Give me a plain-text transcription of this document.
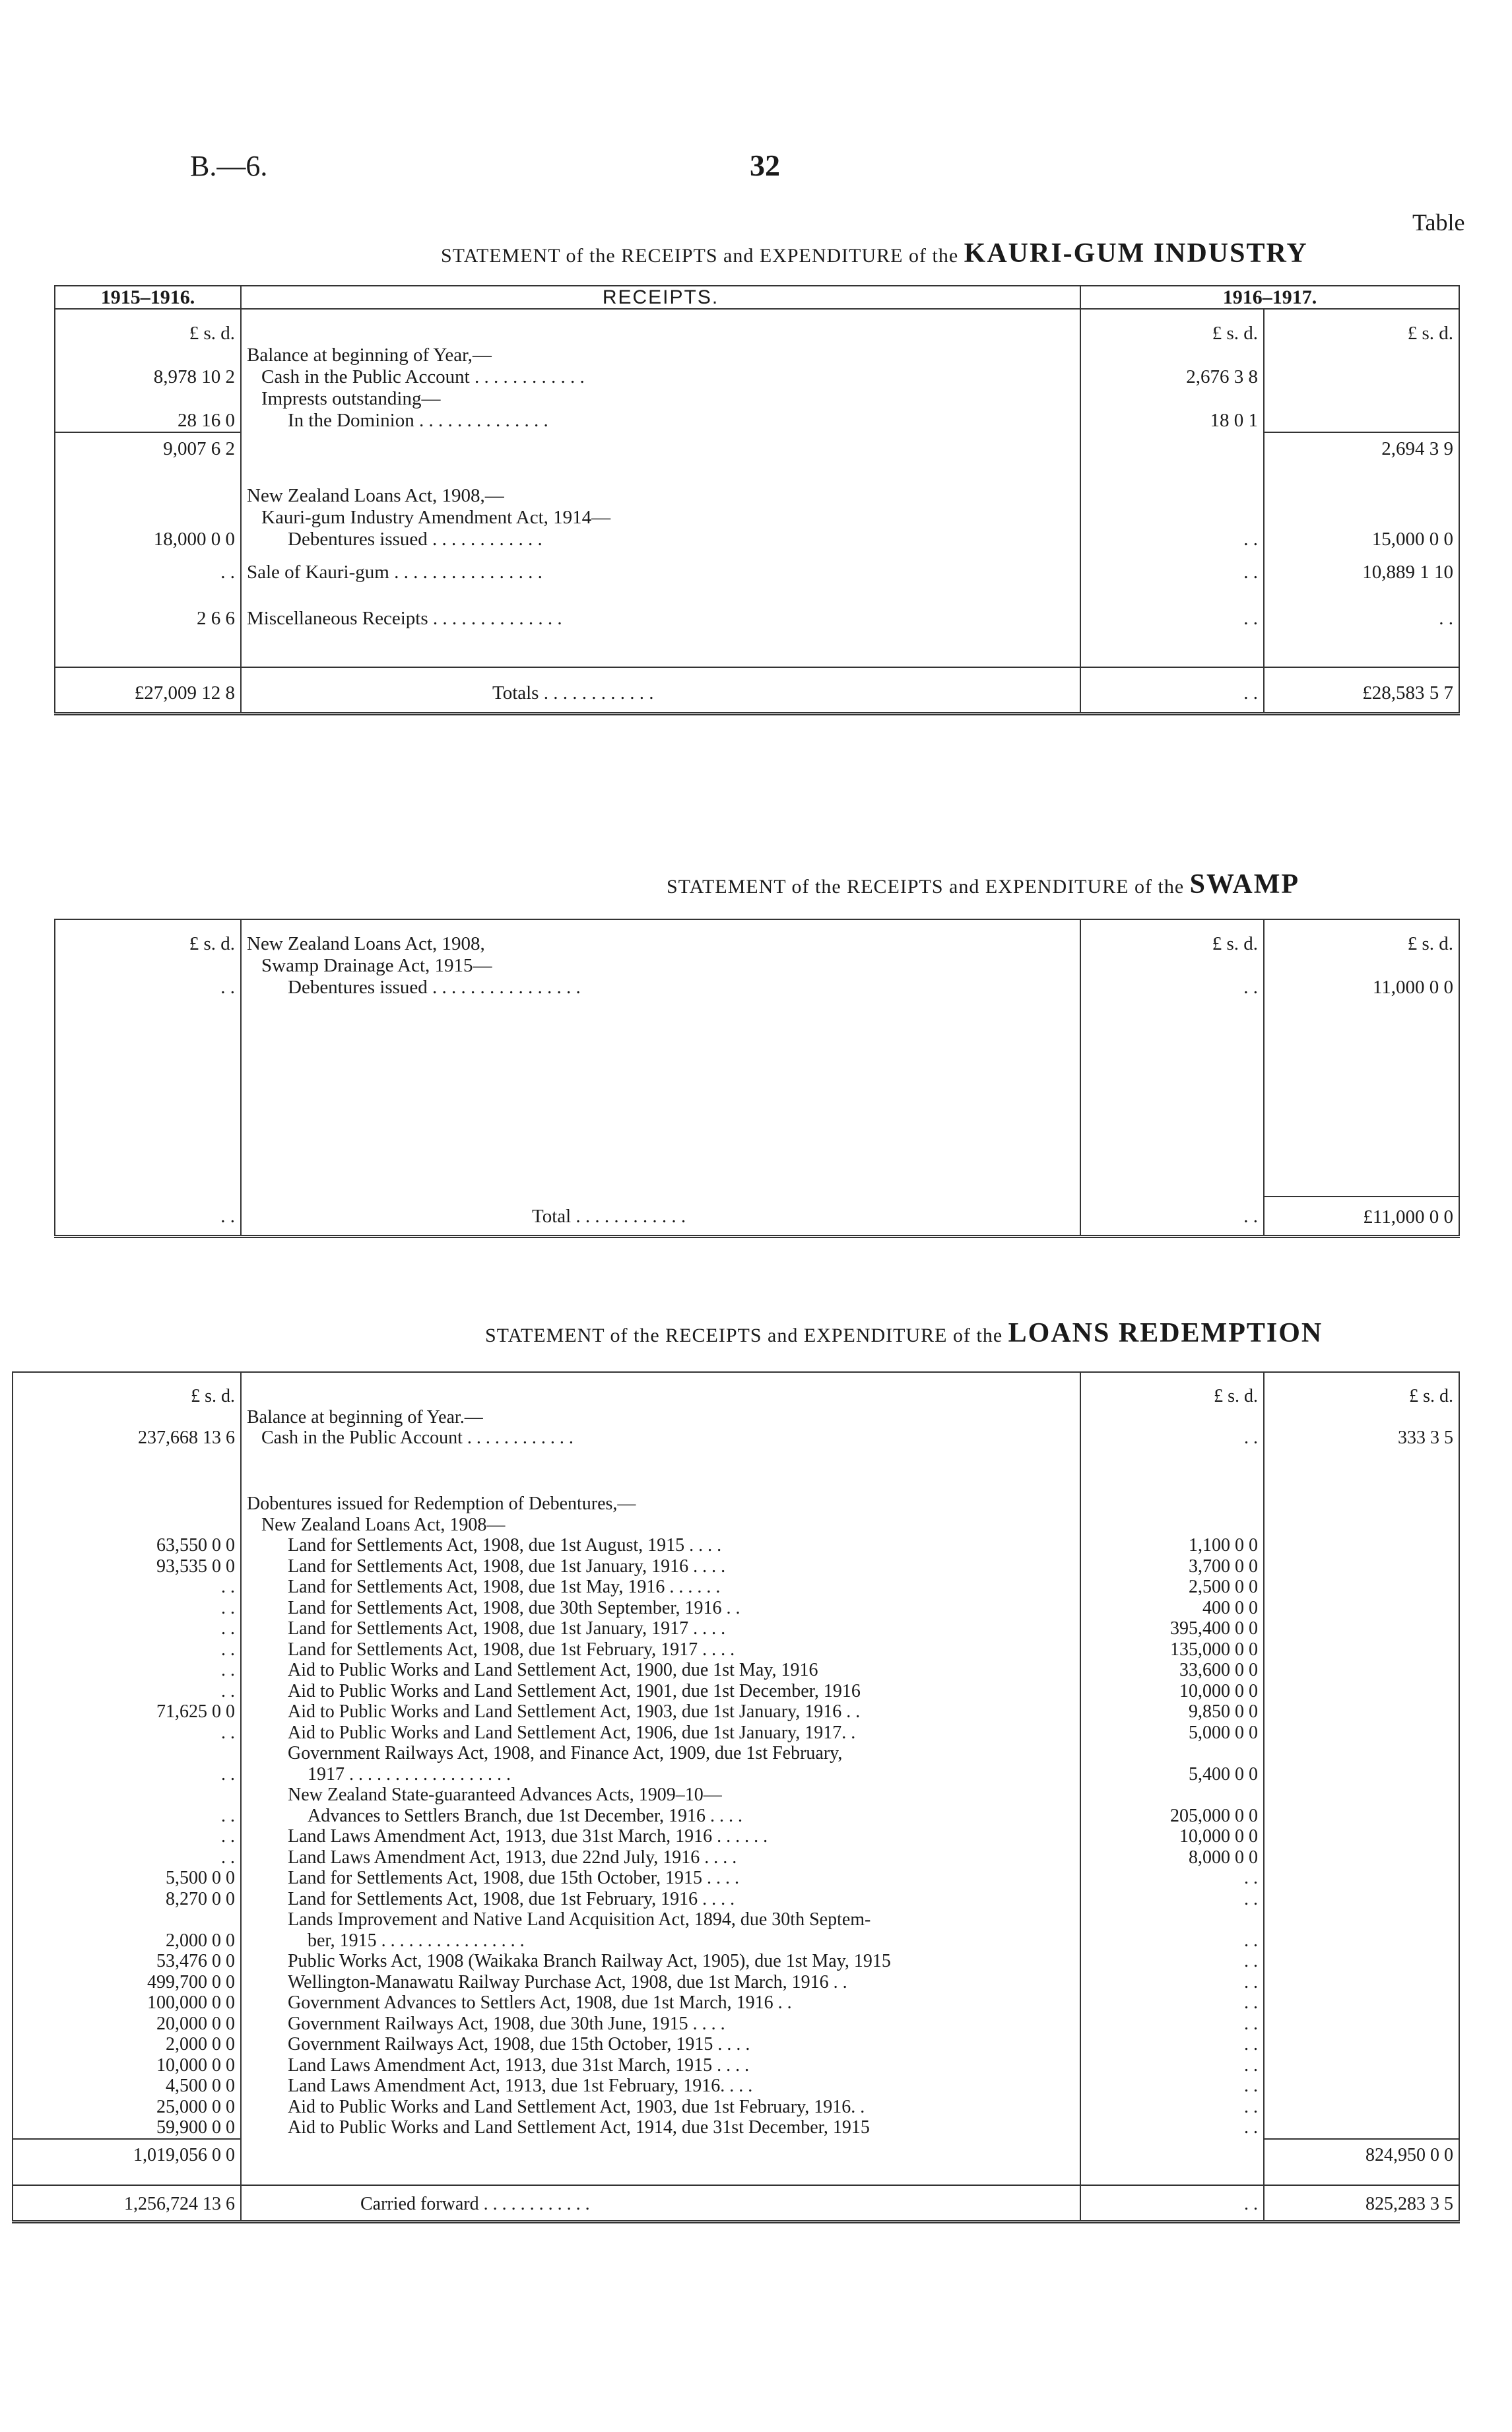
B.—6.	32
Table
STATEMENT of the RECEIPTS and EXPENDITURE of the KAURI-GUM INDUSTRY
1915–1916.	RECEIPTS.	1916–1917.	
£ s. d.		£ s. d.	£ s. d.
	Balance at beginning of Year,—		
8,978 10 2	Cash in the Public Account . . . . . . . . . . . .	2,676 3 8	
	Imprests outstanding—		
28 16 0	In the Dominion . . . . . . . . . . . . . .	18 0 1	
9,007 6 2			2,694 3 9
	New Zealand Loans Act, 1908,—		
	Kauri-gum Industry Amendment Act, 1914—		
18,000 0 0	Debentures issued . . . . . . . . . . . .	. .	15,000 0 0
. .	Sale of Kauri-gum . . . . . . . . . . . . . . . .	. .	10,889 1 10
2 6 6	Miscellaneous Receipts . . . . . . . . . . . . . .	. .	. .
£27,009 12 8	Totals . . . . . . . . . . . .	. .	£28,583 5 7
STATEMENT of the RECEIPTS and EXPENDITURE of the SWAMP
£ s. d.	New Zealand Loans Act, 1908,	£ s. d.	£ s. d.
	Swamp Drainage Act, 1915—		
. .	Debentures issued . . . . . . . . . . . . . . . .	. .	11,000 0 0

. .	Total . . . . . . . . . . . .	. .	£11,000 0 0
STATEMENT of the RECEIPTS and EXPENDITURE of the LOANS REDEMPTION
£ s. d.		£ s. d.	£ s. d.
	Balance at beginning of Year.—		
237,668 13 6	Cash in the Public Account . . . . . . . . . . . .	. .	333 3 5

	Dobentures issued for Redemption of Debentures,—		
	New Zealand Loans Act, 1908—		
63,550 0 0	Land for Settlements Act, 1908, due 1st August, 1915 . . . .	1,100 0 0	
93,535 0 0	Land for Settlements Act, 1908, due 1st January, 1916 . . . .	3,700 0 0	
. .	Land for Settlements Act, 1908, due 1st May, 1916 . . . . . .	2,500 0 0	
. .	Land for Settlements Act, 1908, due 30th September, 1916 . .	400 0 0	
. .	Land for Settlements Act, 1908, due 1st January, 1917 . . . .	395,400 0 0	
. .	Land for Settlements Act, 1908, due 1st February, 1917 . . . .	135,000 0 0	
. .	Aid to Public Works and Land Settlement Act, 1900, due 1st May, 1916	33,600 0 0	
. .	Aid to Public Works and Land Settlement Act, 1901, due 1st December, 1916	10,000 0 0	
71,625 0 0	Aid to Public Works and Land Settlement Act, 1903, due 1st January, 1916 . .	9,850 0 0	
. .	Aid to Public Works and Land Settlement Act, 1906, due 1st January, 1917. .	5,000 0 0	
	Government Railways Act, 1908, and Finance Act, 1909, due 1st February,		
. .	1917 . . . . . . . . . . . . . . . . . .	5,400 0 0	
	New Zealand State-guaranteed Advances Acts, 1909–10—		
. .	Advances to Settlers Branch, due 1st December, 1916 . . . .	205,000 0 0	
. .	Land Laws Amendment Act, 1913, due 31st March, 1916 . . . . . .	10,000 0 0	
. .	Land Laws Amendment Act, 1913, due 22nd July, 1916 . . . .	8,000 0 0	
5,500 0 0	Land for Settlements Act, 1908, due 15th October, 1915 . . . .	. .	
8,270 0 0	Land for Settlements Act, 1908, due 1st February, 1916 . . . .	. .	
	Lands Improvement and Native Land Acquisition Act, 1894, due 30th Septem-		
2,000 0 0	ber, 1915 . . . . . . . . . . . . . . . .	. .	
53,476 0 0	Public Works Act, 1908 (Waikaka Branch Railway Act, 1905), due 1st May, 1915	. .	
499,700 0 0	Wellington-Manawatu Railway Purchase Act, 1908, due 1st March, 1916 . .	. .	
100,000 0 0	Government Advances to Settlers Act, 1908, due 1st March, 1916 . .	. .	
20,000 0 0	Government Railways Act, 1908, due 30th June, 1915 . . . .	. .	
2,000 0 0	Government Railways Act, 1908, due 15th October, 1915 . . . .	. .	
10,000 0 0	Land Laws Amendment Act, 1913, due 31st March, 1915 . . . .	. .	
4,500 0 0	Land Laws Amendment Act, 1913, due 1st February, 1916. . . .	. .	
25,000 0 0	Aid to Public Works and Land Settlement Act, 1903, due 1st February, 1916. .	. .	
59,900 0 0	Aid to Public Works and Land Settlement Act, 1914, due 31st December, 1915	. .	
1,019,056 0 0			824,950 0 0
1,256,724 13 6	Carried forward . . . . . . . . . . . .	. .	825,283 3 5
